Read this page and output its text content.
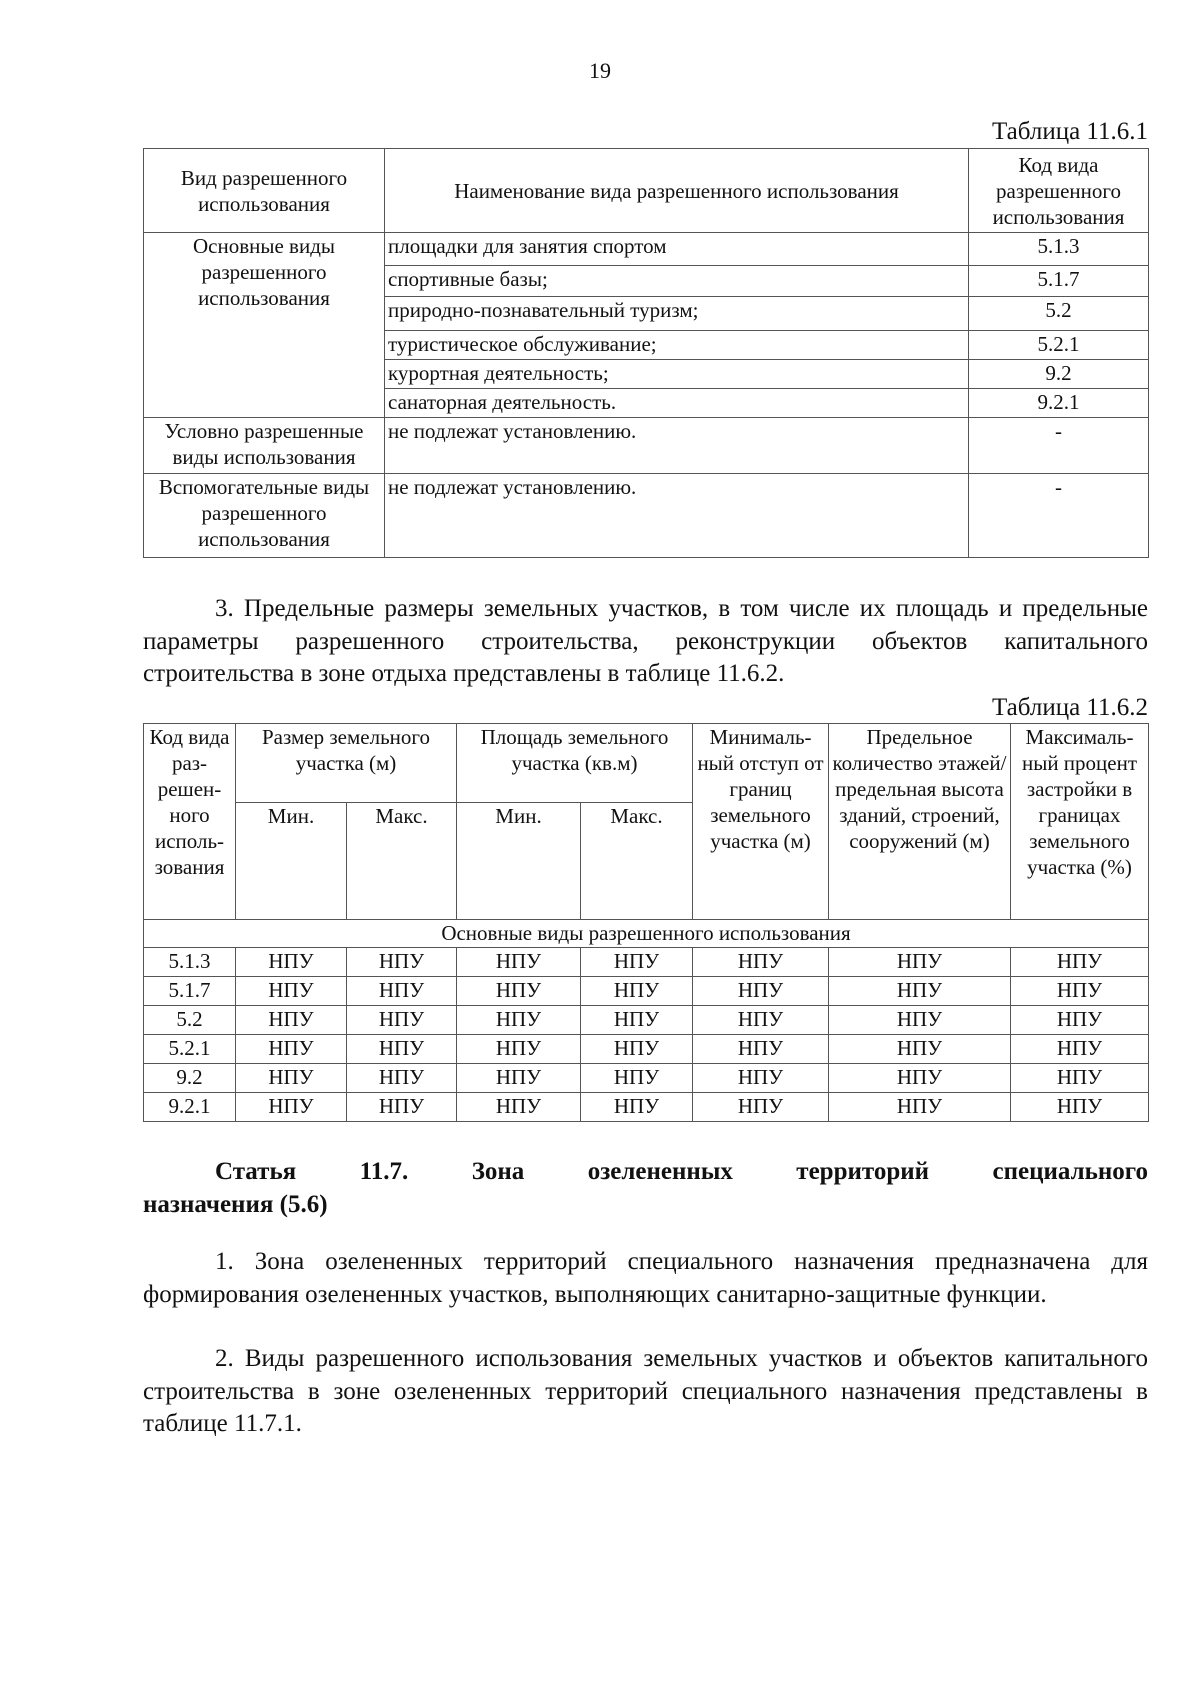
19
Таблица 11.6.1
Вид разрешенного использования	Наименование вида разрешенного использования	Код вида разрешенного использования
Основные виды разрешенного использования	площадки для занятия спортом	5.1.3
	спортивные базы;	5.1.7
	природно-познавательный туризм;	5.2
	туристическое обслуживание;	5.2.1
	курортная деятельность;	9.2
	санаторная деятельность.	9.2.1
Условно разрешенные виды использования	не подлежат установлению.	-
Вспомогательные виды разрешенного использования	не подлежат установлению.	-

3. Предельные размеры земельных участков, в том числе их площадь и предельные параметры разрешенного строительства, реконструкции объектов капитального строительства в зоне отдыха представлены в таблице 11.6.2.

Таблица 11.6.2
Код вида раз-решен-ного исполь-зования	Размер земельного участка (м)		Площадь земельного участка (кв.м)		Минималь-ный отступ от границ земельного участка (м)	Предельное количество этажей/ предельная высота зданий, строений, сооружений (м)	Максималь-ный процент застройки в границах земельного участка (%)
	Мин.	Макс.	Мин.	Макс.			
Основные виды разрешенного использования							
5.1.3	НПУ	НПУ	НПУ	НПУ	НПУ	НПУ	НПУ
5.1.7	НПУ	НПУ	НПУ	НПУ	НПУ	НПУ	НПУ
5.2	НПУ	НПУ	НПУ	НПУ	НПУ	НПУ	НПУ
5.2.1	НПУ	НПУ	НПУ	НПУ	НПУ	НПУ	НПУ
9.2	НПУ	НПУ	НПУ	НПУ	НПУ	НПУ	НПУ
9.2.1	НПУ	НПУ	НПУ	НПУ	НПУ	НПУ	НПУ
Статья 11.7. Зона озелененных территорий специального
назначения (5.6)

1. Зона озелененных территорий специального назначения предназначена для формирования озелененных участков, выполняющих санитарно-защитные функции.

2. Виды разрешенного использования земельных участков и объектов капитального строительства в зоне озелененных территорий специального назначения представлены в таблице 11.7.1.
